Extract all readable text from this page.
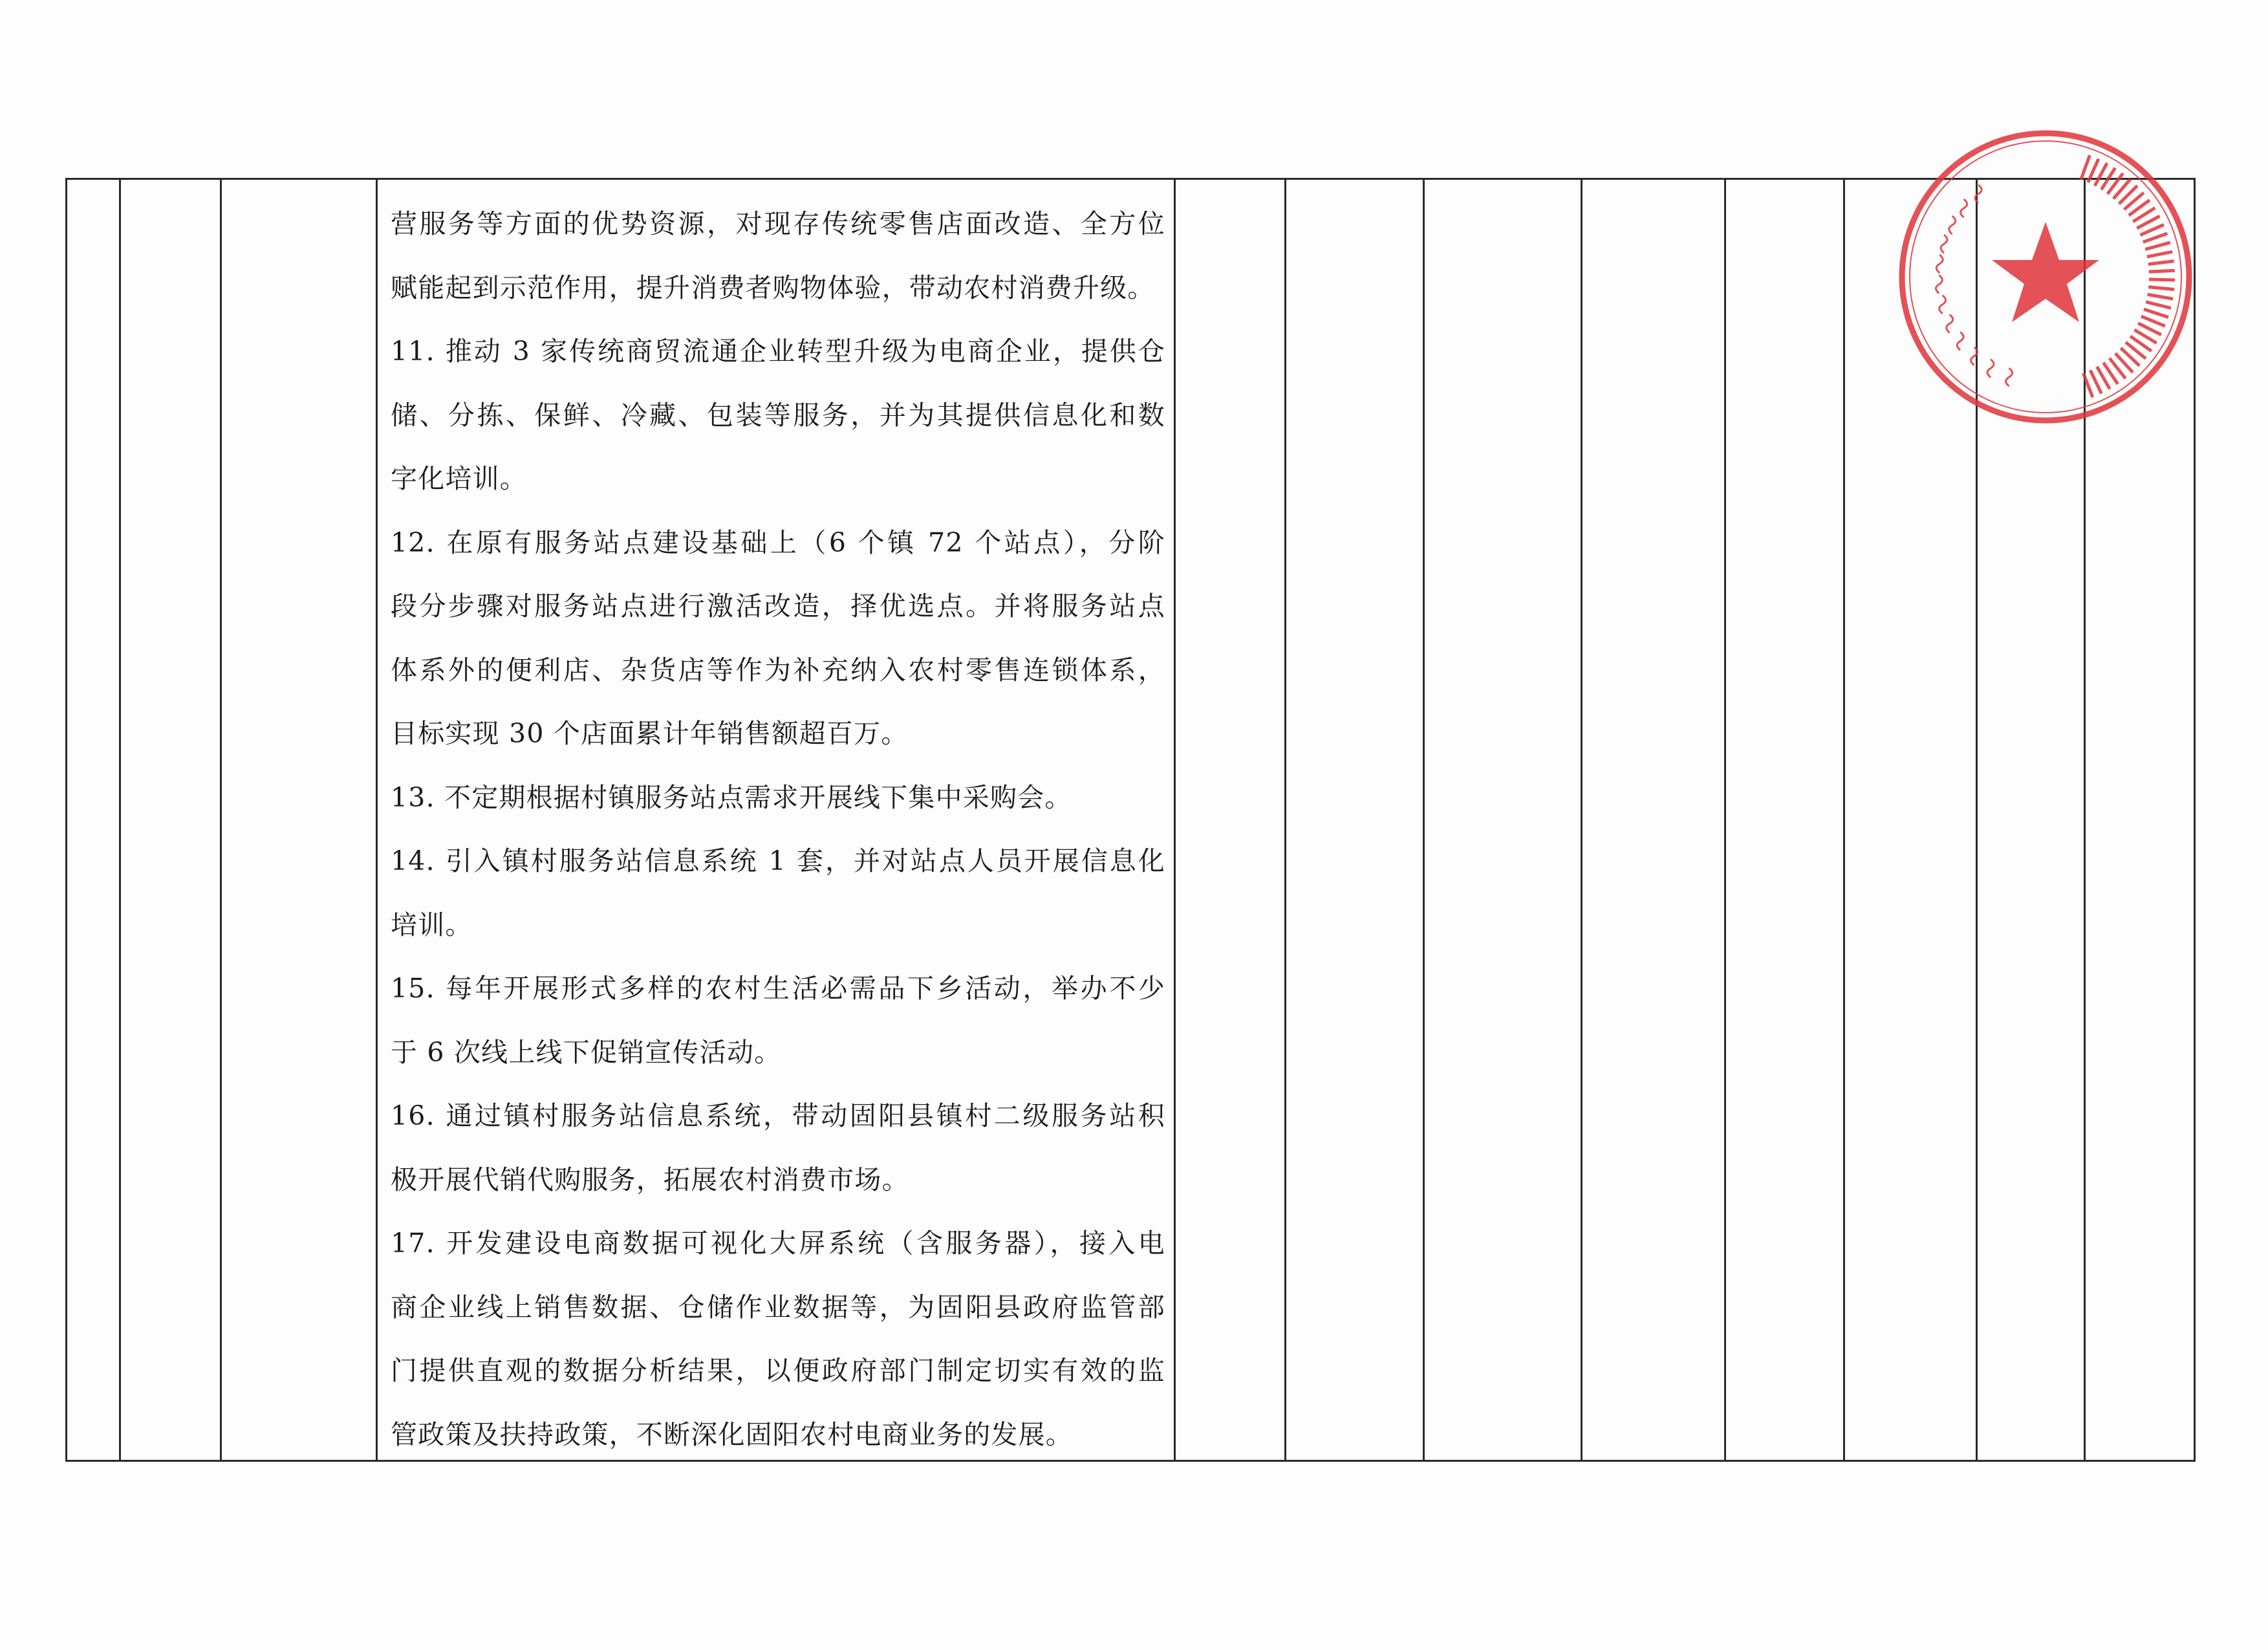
营服务等方面的优势资源，对现存传统零售店面改造、全方位
赋能起到示范作用，提升消费者购物体验，带动农村消费升级。
11. 推动 3 家传统商贸流通企业转型升级为电商企业，提供仓
储、分拣、保鲜、冷藏、包装等服务，并为其提供信息化和数
字化培训。
12. 在原有服务站点建设基础上（6 个镇 72 个站点），分阶
段分步骤对服务站点进行激活改造，择优选点。并将服务站点
体系外的便利店、杂货店等作为补充纳入农村零售连锁体系，
目标实现 30 个店面累计年销售额超百万。
13. 不定期根据村镇服务站点需求开展线下集中采购会。
14. 引入镇村服务站信息系统 1 套，并对站点人员开展信息化
培训。
15. 每年开展形式多样的农村生活必需品下乡活动，举办不少
于 6 次线上线下促销宣传活动。
16. 通过镇村服务站信息系统，带动固阳县镇村二级服务站积
极开展代销代购服务，拓展农村消费市场。
17. 开发建设电商数据可视化大屏系统（含服务器），接入电
商企业线上销售数据、仓储作业数据等，为固阳县政府监管部
门提供直观的数据分析结果，以便政府部门制定切实有效的监
管政策及扶持政策，不断深化固阳农村电商业务的发展。
